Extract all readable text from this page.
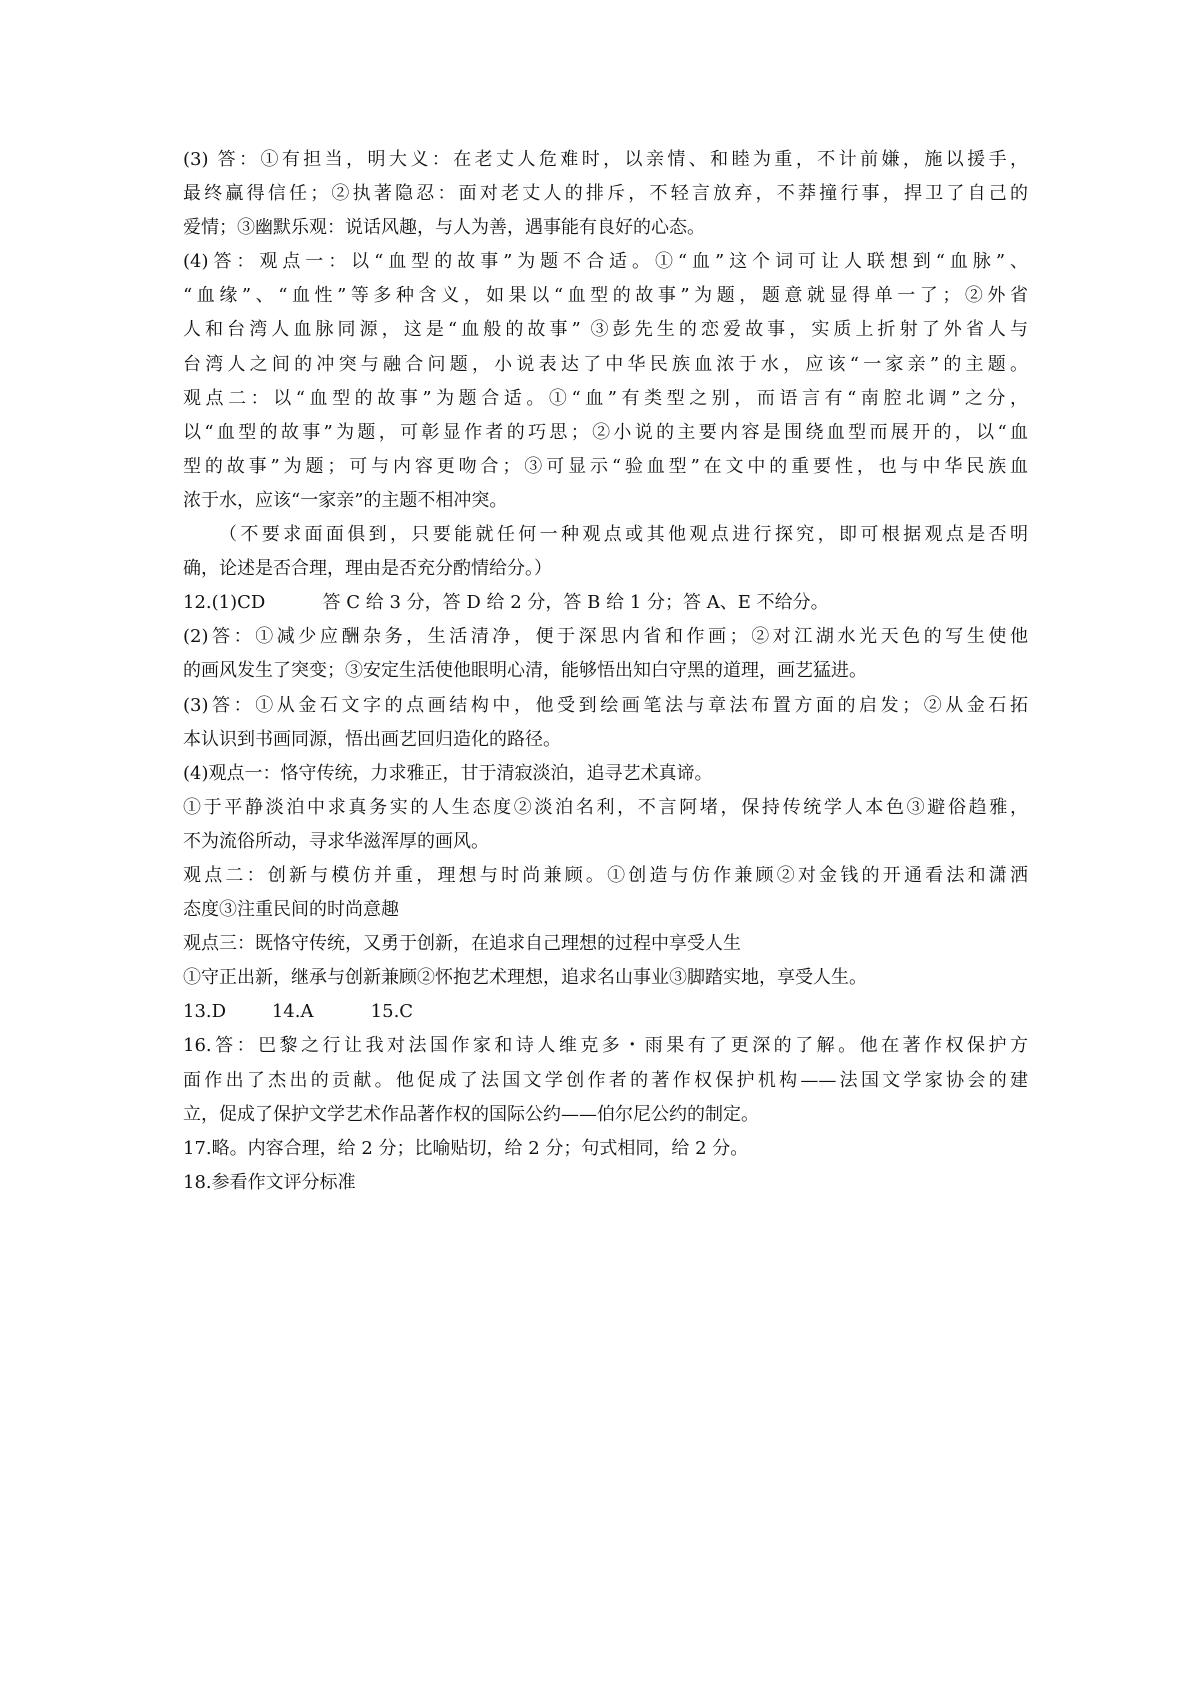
(3) 答：①有担当，明大义：在老丈人危难时，以亲情、和睦为重，不计前嫌，施以援手，
最终赢得信任；②执著隐忍：面对老丈人的排斥，不轻言放弃，不莽撞行事，捍卫了自己的
爱情；③幽默乐观：说话风趣，与人为善，遇事能有良好的心态。
(4)答：观点一：以“血型的故事”为题不合适。①“血”这个词可让人联想到“血脉”、
“血缘”、“血性”等多种含义，如果以“血型的故事”为题，题意就显得单一了；②外省
人和台湾人血脉同源，这是“血般的故事” ③彭先生的恋爱故事，实质上折射了外省人与
台湾人之间的冲突与融合问题，小说表达了中华民族血浓于水，应该“一家亲”的主题。
观点二：以“血型的故事”为题合适。①“血”有类型之别，而语言有“南腔北调”之分，
以“血型的故事”为题，可彰显作者的巧思；②小说的主要内容是围绕血型而展开的，以“血
型的故事”为题；可与内容更吻合；③可显示“验血型”在文中的重要性，也与中华民族血
浓于水，应该“一家亲”的主题不相冲突。
（不要求面面俱到，只要能就任何一种观点或其他观点进行探究，即可根据观点是否明
确，论述是否合理，理由是否充分酌情给分。）
12.(1)CD          答 C 给 3 分，答 D 给 2 分，答 B 给 1 分；答 A、E 不给分。
(2)答：①减少应酬杂务，生活清净，便于深思内省和作画；②对江湖水光天色的写生使他
的画风发生了突变；③安定生活使他眼明心清，能够悟出知白守黑的道理，画艺猛进。
(3)答：①从金石文字的点画结构中，他受到绘画笔法与章法布置方面的启发；②从金石拓
本认识到书画同源，悟出画艺回归造化的路径。
(4)观点一：恪守传统，力求雅正，甘于清寂淡泊，追寻艺术真谛。
①于平静淡泊中求真务实的人生态度②淡泊名利，不言阿堵，保持传统学人本色③避俗趋雅，
不为流俗所动，寻求华滋浑厚的画风。
观点二：创新与模仿并重，理想与时尚兼顾。①创造与仿作兼顾②对金钱的开通看法和潇洒
态度③注重民间的时尚意趣
观点三：既恪守传统，又勇于创新，在追求自己理想的过程中享受人生
①守正出新，继承与创新兼顾②怀抱艺术理想，追求名山事业③脚踏实地，享受人生。
13.D        14.A          15.C
16.答：巴黎之行让我对法国作家和诗人维克多・雨果有了更深的了解。他在著作权保护方
面作出了杰出的贡献。他促成了法国文学创作者的著作权保护机构——法国文学家协会的建
立，促成了保护文学艺术作品著作权的国际公约——伯尔尼公约的制定。
17.略。内容合理，给 2 分；比喻贴切，给 2 分；句式相同，给 2 分。
18.参看作文评分标准
